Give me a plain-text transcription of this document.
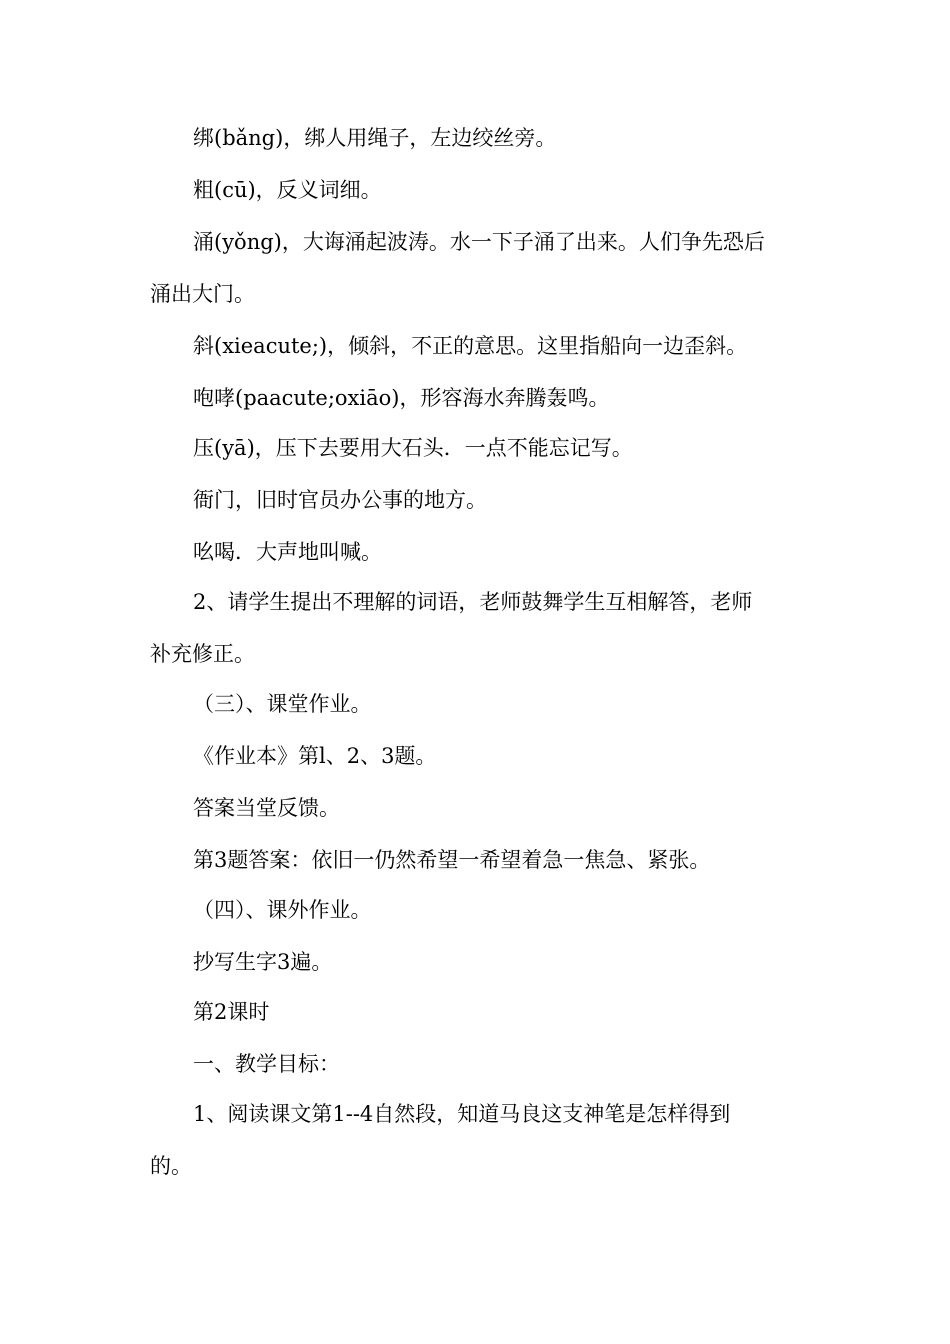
绑(bǎng)，绑人用绳子，左边绞丝旁。
粗(cū)，反义词细。
涌(yǒng)，大诲涌起波涛。水一下子涌了出来。人们争先恐后
涌出大门。
斜(xieacute;)，倾斜，不正的意思。这里指船向一边歪斜。
咆哮(paacute;oxiāo)，形容海水奔腾轰鸣。
压(yā)，压下去要用大石头．一点不能忘记写。
衙门，旧时官员办公事的地方。
吆喝．大声地叫喊。
2、请学生提出不理解的词语，老师鼓舞学生互相解答，老师
补充修正。
（三）、课堂作业。
《作业本》第l、2、3题。
答案当堂反馈。
第3题答案：依旧一仍然希望一希望着急一焦急、紧张。
（四）、课外作业。
抄写生字3遍。
第2课时
一、教学目标：
1、阅读课文第1--4自然段，知道马良这支神笔是怎样得到
的。
